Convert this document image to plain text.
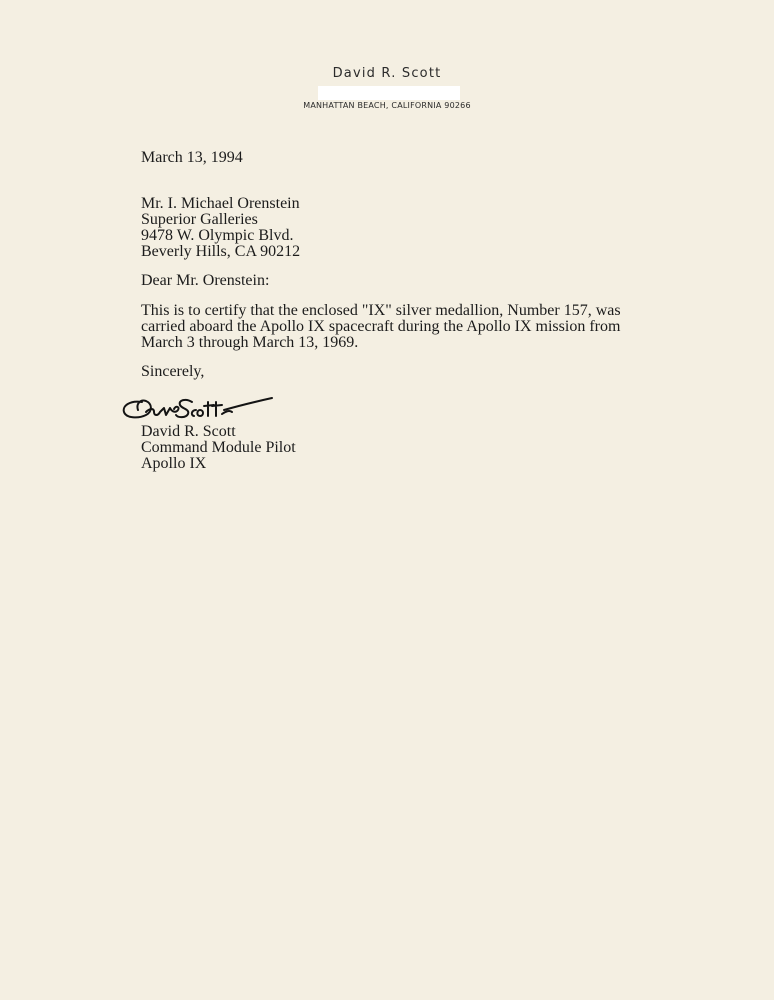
David R. Scott
MANHATTAN BEACH, CALIFORNIA 90266
March 13, 1994
Mr. I. Michael Orenstein
Superior Galleries
9478 W. Olympic Blvd.
Beverly Hills, CA 90212
Dear Mr. Orenstein:
This is to certify that the enclosed "IX" silver medallion, Number 157, was
carried aboard the Apollo IX spacecraft during the Apollo IX mission from
March 3 through March 13, 1969.
Sincerely,
David R. Scott
Command Module Pilot
Apollo IX
